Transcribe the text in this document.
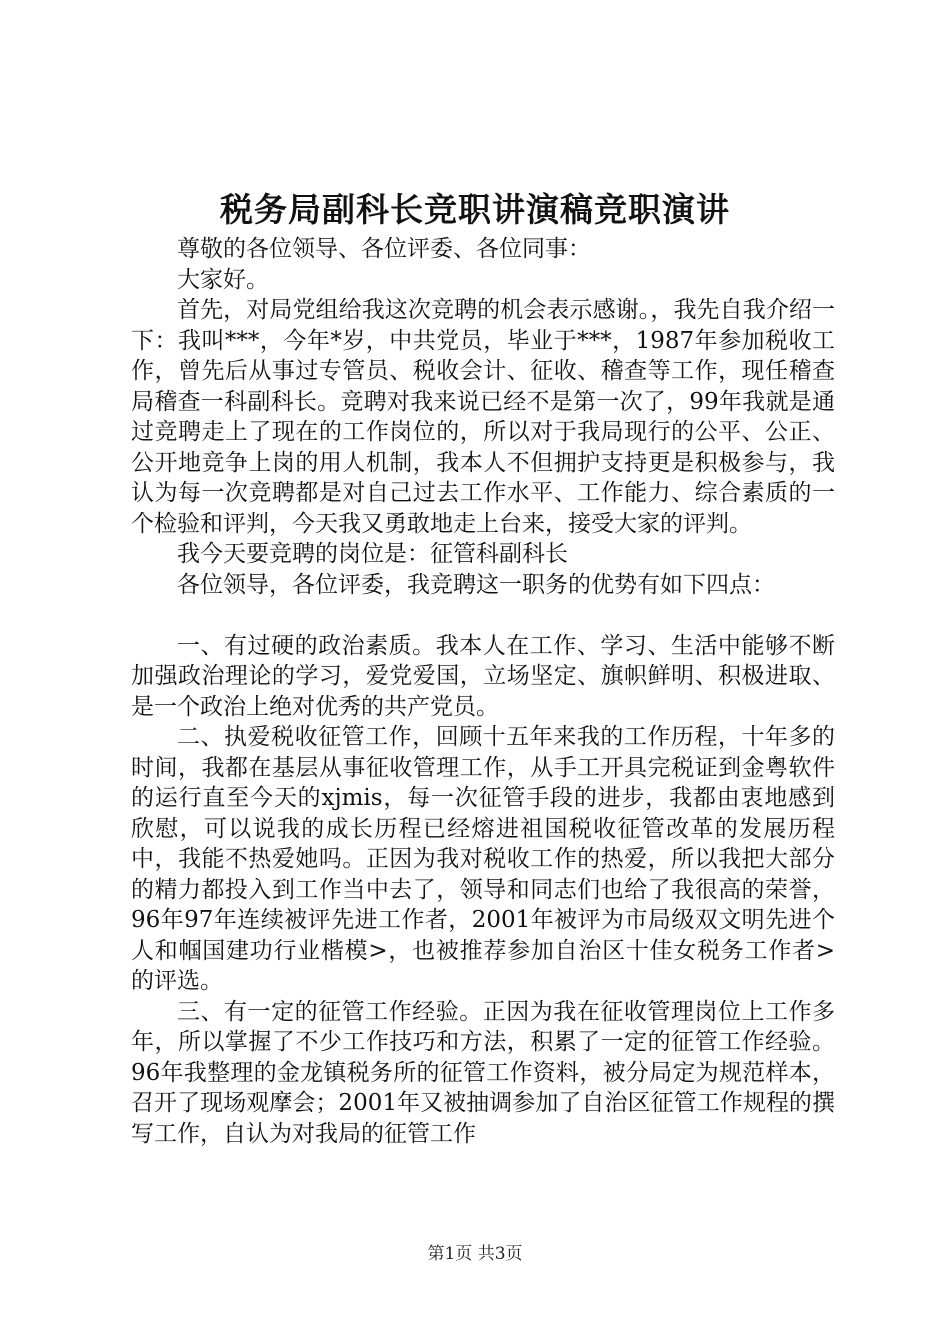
税务局副科长竞职讲演稿竞职演讲

尊敬的各位领导、各位评委、各位同事：

大家好。

首先，对局党组给我这次竞聘的机会表示感谢。，我先自我介绍一下：我叫***，今年*岁，中共党员，毕业于***，1987年参加税收工作，曾先后从事过专管员、税收会计、征收、稽查等工作，现任稽查局稽查一科副科长。竞聘对我来说已经不是第一次了，99年我就是通过竞聘走上了现在的工作岗位的，所以对于我局现行的公平、公正、公开地竞争上岗的用人机制，我本人不但拥护支持更是积极参与，我认为每一次竞聘都是对自己过去工作水平、工作能力、综合素质的一个检验和评判，今天我又勇敢地走上台来，接受大家的评判。

我今天要竞聘的岗位是：征管科副科长

各位领导，各位评委，我竞聘这一职务的优势有如下四点：

一、有过硬的政治素质。我本人在工作、学习、生活中能够不断加强政治理论的学习，爱党爱国，立场坚定、旗帜鲜明、积极进取、是一个政治上绝对优秀的共产党员。

二、执爱税收征管工作，回顾十五年来我的工作历程，十年多的时间，我都在基层从事征收管理工作，从手工开具完税证到金粤软件的运行直至今天的xjmis，每一次征管手段的进步，我都由衷地感到欣慰，可以说我的成长历程已经熔进祖国税收征管改革的发展历程中，我能不热爱她吗。正因为我对税收工作的热爱，所以我把大部分的精力都投入到工作当中去了，领导和同志们也给了我很高的荣誉，96年97年连续被评先进工作者，2001年被评为市局级双文明先进个人和帼国建功行业楷模>，也被推荐参加自治区十佳女税务工作者>的评选。

三、有一定的征管工作经验。正因为我在征收管理岗位上工作多年，所以掌握了不少工作技巧和方法，积累了一定的征管工作经验。96年我整理的金龙镇税务所的征管工作资料，被分局定为规范样本，召开了现场观摩会；2001年又被抽调参加了自治区征管工作规程的撰写工作，自认为对我局的征管工作

第1页 共3页
